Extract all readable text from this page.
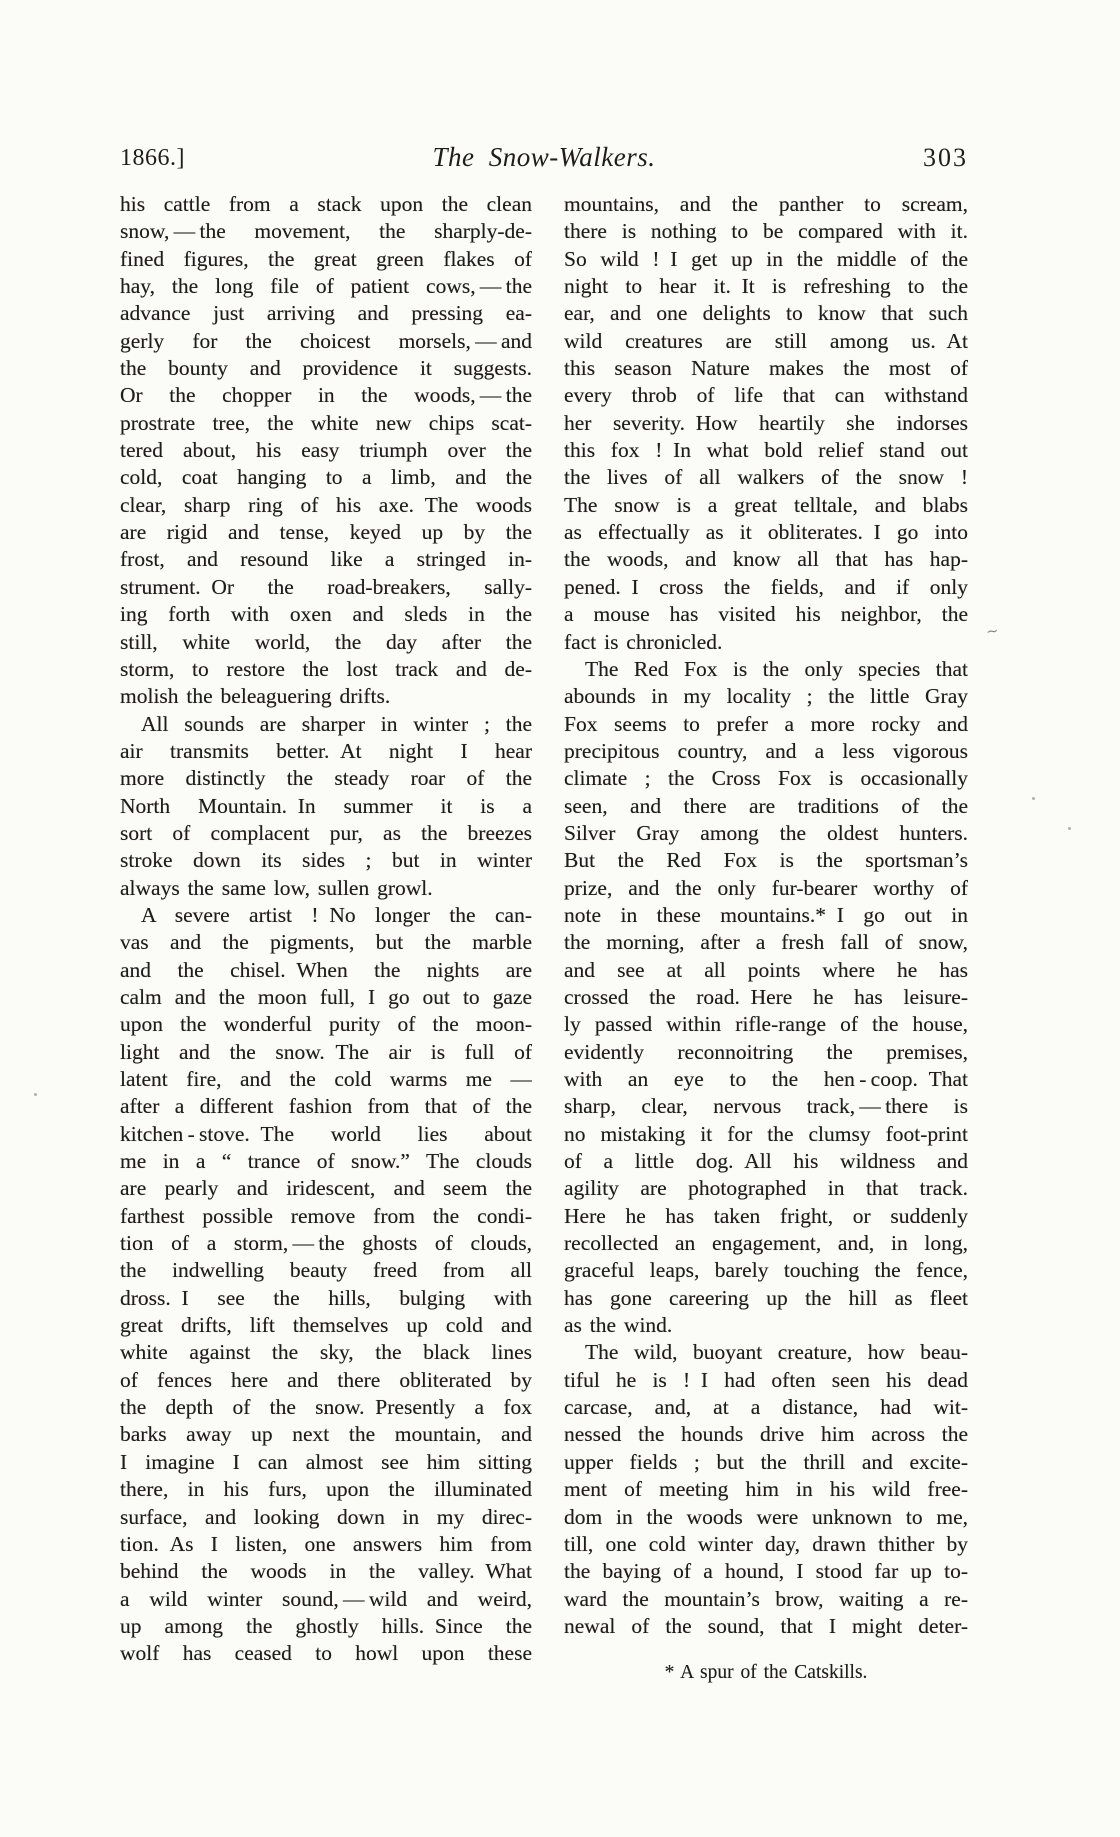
1866.]	The Snow-Walkers.	303
his cattle from a stack upon the clean
snow, — the movement, the sharply-de-
fined figures, the great green flakes of
hay, the long file of patient cows, — the
advance just arriving and pressing ea-
gerly for the choicest morsels, — and
the bounty and providence it suggests.
Or the chopper in the woods, — the
prostrate tree, the white new chips scat-
tered about, his easy triumph over the
cold, coat hanging to a limb, and the
clear, sharp ring of his axe. The woods
are rigid and tense, keyed up by the
frost, and resound like a stringed in-
strument. Or the road-breakers, sally-
ing forth with oxen and sleds in the
still, white world, the day after the
storm, to restore the lost track and de-
molish the beleaguering drifts.
All sounds are sharper in winter ; the
air transmits better. At night I hear
more distinctly the steady roar of the
North Mountain. In summer it is a
sort of complacent pur, as the breezes
stroke down its sides ; but in winter
always the same low, sullen growl.
A severe artist ! No longer the can-
vas and the pigments, but the marble
and the chisel. When the nights are
calm and the moon full, I go out to gaze
upon the wonderful purity of the moon-
light and the snow. The air is full of
latent fire, and the cold warms me —
after a different fashion from that of the
kitchen - stove. The world lies about
me in a “ trance of snow.” The clouds
are pearly and iridescent, and seem the
farthest possible remove from the condi-
tion of a storm, — the ghosts of clouds,
the indwelling beauty freed from all
dross. I see the hills, bulging with
great drifts, lift themselves up cold and
white against the sky, the black lines
of fences here and there obliterated by
the depth of the snow. Presently a fox
barks away up next the mountain, and
I imagine I can almost see him sitting
there, in his furs, upon the illuminated
surface, and looking down in my direc-
tion. As I listen, one answers him from
behind the woods in the valley. What
a wild winter sound, — wild and weird,
up among the ghostly hills. Since the
wolf has ceased to howl upon these
mountains, and the panther to scream,
there is nothing to be compared with it.
So wild ! I get up in the middle of the
night to hear it. It is refreshing to the
ear, and one delights to know that such
wild creatures are still among us. At
this season Nature makes the most of
every throb of life that can withstand
her severity. How heartily she indorses
this fox ! In what bold relief stand out
the lives of all walkers of the snow !
The snow is a great telltale, and blabs
as effectually as it obliterates. I go into
the woods, and know all that has hap-
pened. I cross the fields, and if only
a mouse has visited his neighbor, the
fact is chronicled.
The Red Fox is the only species that
abounds in my locality ; the little Gray
Fox seems to prefer a more rocky and
precipitous country, and a less vigorous
climate ; the Cross Fox is occasionally
seen, and there are traditions of the
Silver Gray among the oldest hunters.
But the Red Fox is the sportsman’s
prize, and the only fur-bearer worthy of
note in these mountains.* I go out in
the morning, after a fresh fall of snow,
and see at all points where he has
crossed the road. Here he has leisure-
ly passed within rifle-range of the house,
evidently reconnoitring the premises,
with an eye to the hen - coop. That
sharp, clear, nervous track, — there is
no mistaking it for the clumsy foot-print
of a little dog. All his wildness and
agility are photographed in that track.
Here he has taken fright, or suddenly
recollected an engagement, and, in long,
graceful leaps, barely touching the fence,
has gone careering up the hill as fleet
as the wind.
The wild, buoyant creature, how beau-
tiful he is ! I had often seen his dead
carcase, and, at a distance, had wit-
nessed the hounds drive him across the
upper fields ; but the thrill and excite-
ment of meeting him in his wild free-
dom in the woods were unknown to me,
till, one cold winter day, drawn thither by
the baying of a hound, I stood far up to-
ward the mountain’s brow, waiting a re-
newal of the sound, that I might deter-
* A spur of the Catskills.
~
